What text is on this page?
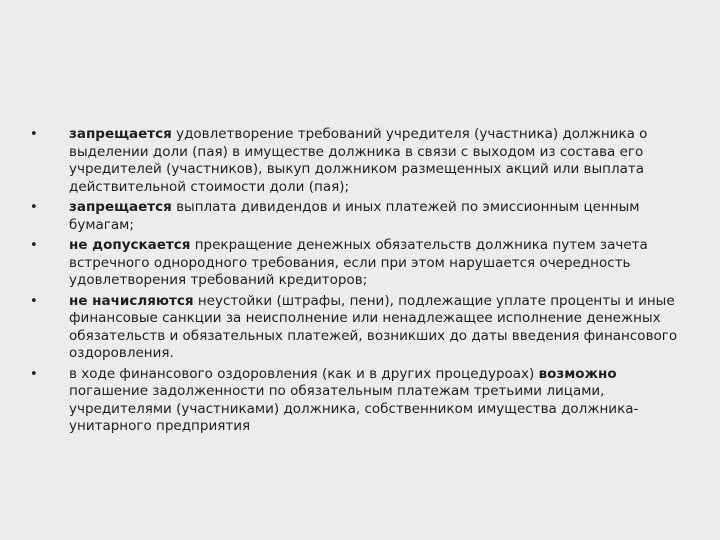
• запрещается удовлетворение требований учредителя (участника) должника о выделении доли (пая) в имуществе должника в связи с выходом из состава его учредителей (участников), выкуп должником размещенных акций или выплата действительной стоимости доли (пая);
• запрещается выплата дивидендов и иных платежей по эмиссионным ценным бумагам;
• не допускается прекращение денежных обязательств должника путем зачета встречного однородного требования, если при этом нарушается очередность удовлетворения требований кредиторов;
• не начисляются неустойки (штрафы, пени), подлежащие уплате проценты и иные финансовые санкции за неисполнение или ненадлежащее исполнение денежных обязательств и обязательных платежей, возникших до даты введения финансового оздоровления.
• в ходе финансового оздоровления (как и в других процедуроах) возможно погашение задолженности по обязательным платежам третьими лицами, учредителями (участниками) должника, собственником имущества должника-унитарного предприятия
